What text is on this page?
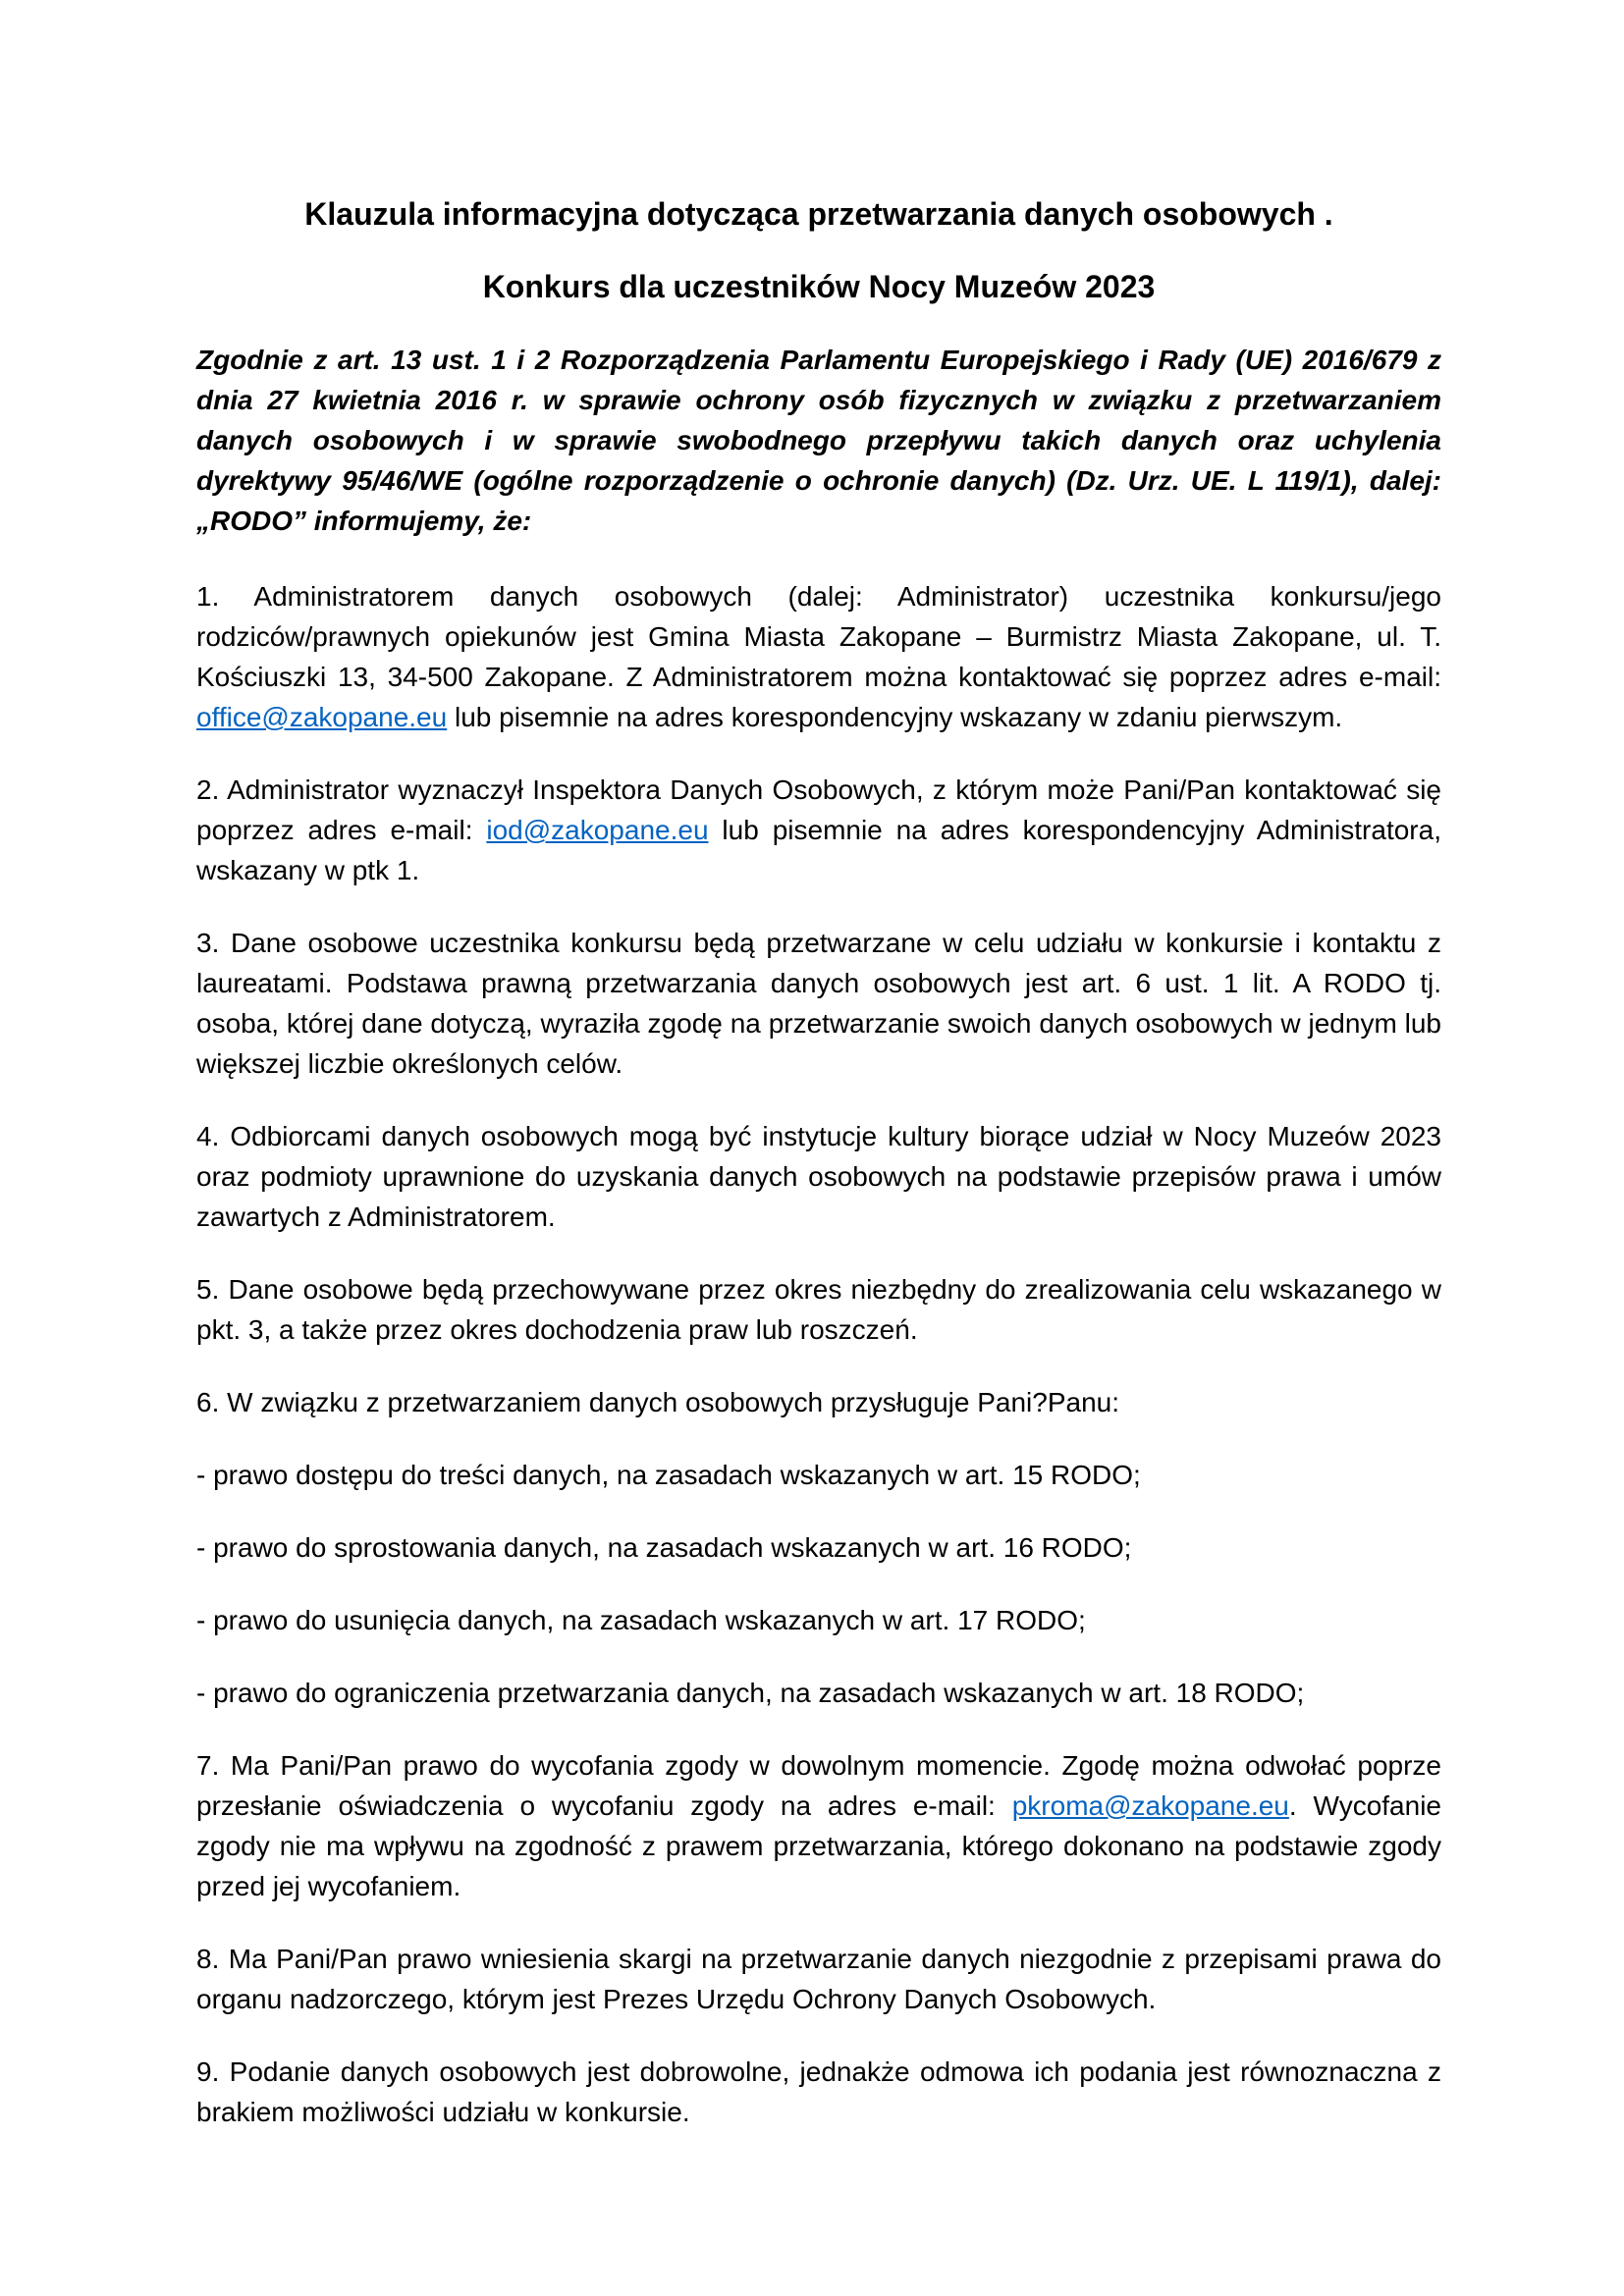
Klauzula informacyjna dotycząca przetwarzania danych osobowych .
Konkurs dla uczestników Nocy Muzeów 2023
Zgodnie z art. 13 ust. 1 i 2 Rozporządzenia Parlamentu Europejskiego i Rady (UE) 2016/679 z dnia 27 kwietnia 2016 r. w sprawie ochrony osób fizycznych w związku z przetwarzaniem danych osobowych i w sprawie swobodnego przepływu takich danych oraz uchylenia dyrektywy 95/46/WE (ogólne rozporządzenie o ochronie danych) (Dz. Urz. UE. L 119/1), dalej: „RODO” informujemy, że:
1. Administratorem danych osobowych (dalej: Administrator) uczestnika konkursu/jego rodziców/prawnych opiekunów jest Gmina Miasta Zakopane – Burmistrz Miasta Zakopane, ul. T. Kościuszki 13, 34-500 Zakopane. Z Administratorem można kontaktować się poprzez adres e-mail: office@zakopane.eu lub pisemnie na adres korespondencyjny wskazany w zdaniu pierwszym.
2. Administrator wyznaczył Inspektora Danych Osobowych, z którym może Pani/Pan kontaktować się poprzez adres e-mail: iod@zakopane.eu lub pisemnie na adres korespondencyjny Administratora, wskazany w ptk 1.
3. Dane osobowe uczestnika konkursu będą przetwarzane w celu udziału w konkursie i kontaktu z laureatami. Podstawa prawną przetwarzania danych osobowych jest art. 6 ust. 1 lit. A RODO tj. osoba, której dane dotyczą, wyraziła zgodę na przetwarzanie swoich danych osobowych w jednym lub większej liczbie określonych celów.
4. Odbiorcami danych osobowych mogą być instytucje kultury biorące udział w Nocy Muzeów 2023 oraz podmioty uprawnione do uzyskania danych osobowych na podstawie przepisów prawa i umów zawartych z Administratorem.
5. Dane osobowe będą przechowywane przez okres niezbędny do zrealizowania celu wskazanego w pkt. 3, a także przez okres dochodzenia praw lub roszczeń.
6. W związku z przetwarzaniem danych osobowych przysługuje Pani?Panu:
- prawo dostępu do treści danych, na zasadach wskazanych w art. 15 RODO;
- prawo do sprostowania danych, na zasadach wskazanych w art. 16 RODO;
- prawo do usunięcia danych, na zasadach wskazanych w art. 17 RODO;
- prawo do ograniczenia przetwarzania danych, na zasadach wskazanych w art. 18 RODO;
7. Ma Pani/Pan prawo do wycofania zgody w dowolnym momencie. Zgodę można odwołać poprze przesłanie oświadczenia o wycofaniu zgody na adres e-mail: pkroma@zakopane.eu. Wycofanie zgody nie ma wpływu na zgodność z prawem przetwarzania, którego dokonano na podstawie zgody przed jej wycofaniem.
8. Ma Pani/Pan prawo wniesienia skargi na przetwarzanie danych niezgodnie z przepisami prawa do organu nadzorczego, którym jest Prezes Urzędu Ochrony Danych Osobowych.
9. Podanie danych osobowych jest dobrowolne, jednakże odmowa ich podania jest równoznaczna z brakiem możliwości udziału w konkursie.
